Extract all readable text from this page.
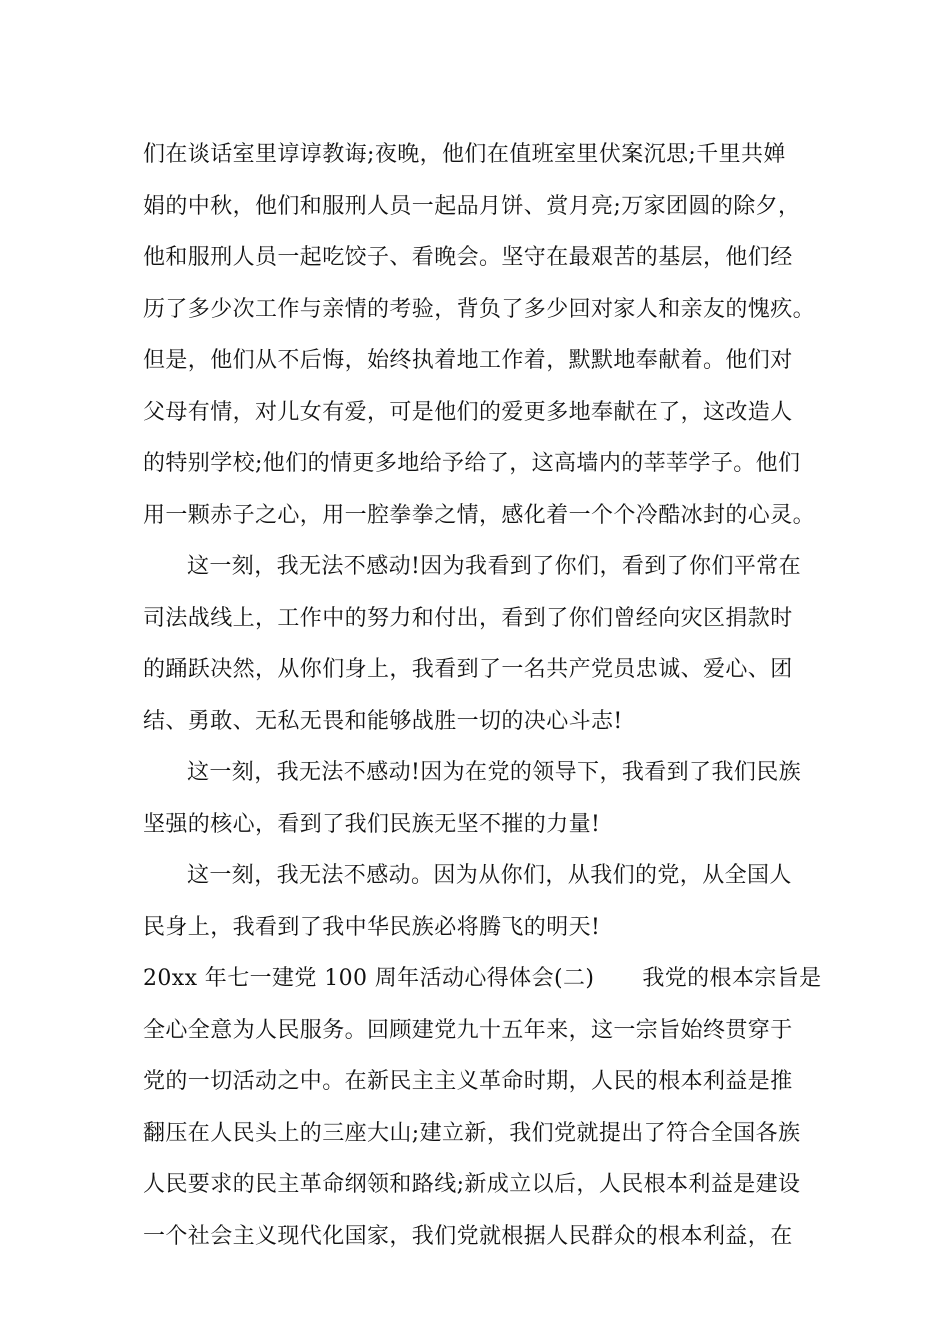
们在谈话室里谆谆教诲;夜晚，他们在值班室里伏案沉思;千里共婵
娟的中秋，他们和服刑人员一起品月饼、赏月亮;万家团圆的除夕，
他和服刑人员一起吃饺子、看晚会。坚守在最艰苦的基层，他们经
历了多少次工作与亲情的考验，背负了多少回对家人和亲友的愧疚。
但是，他们从不后悔，始终执着地工作着，默默地奉献着。他们对
父母有情，对儿女有爱，可是他们的爱更多地奉献在了，这改造人
的特别学校;他们的情更多地给予给了，这高墙内的莘莘学子。他们
用一颗赤子之心，用一腔拳拳之情，感化着一个个冷酷冰封的心灵。
这一刻，我无法不感动!因为我看到了你们，看到了你们平常在
司法战线上，工作中的努力和付出，看到了你们曾经向灾区捐款时
的踊跃决然，从你们身上，我看到了一名共产党员忠诚、爱心、团
结、勇敢、无私无畏和能够战胜一切的决心斗志!
这一刻，我无法不感动!因为在党的领导下，我看到了我们民族
坚强的核心，看到了我们民族无坚不摧的力量!
这一刻，我无法不感动。因为从你们，从我们的党，从全国人
民身上，我看到了我中华民族必将腾飞的明天!
20xx 年七一建党 100 周年活动心得体会(二) 我党的根本宗旨是
全心全意为人民服务。回顾建党九十五年来，这一宗旨始终贯穿于
党的一切活动之中。在新民主主义革命时期，人民的根本利益是推
翻压在人民头上的三座大山;建立新，我们党就提出了符合全国各族
人民要求的民主革命纲领和路线;新成立以后，人民根本利益是建设
一个社会主义现代化国家，我们党就根据人民群众的根本利益，在
